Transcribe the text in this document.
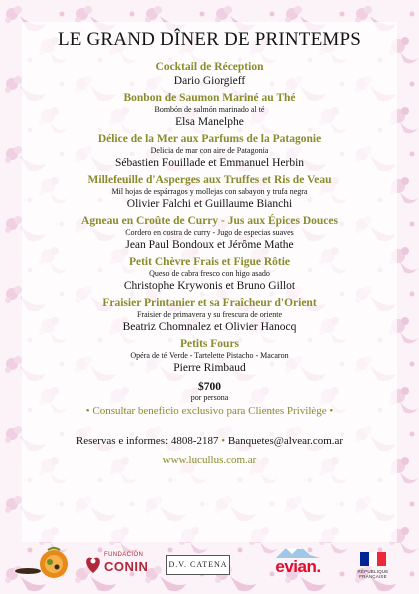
LE GRAND DÎNER DE PRINTEMPS
Cocktail de Réception
Dario Giorgieff
Bonbon de Saumon Mariné au Thé
Bombón de salmón marinado al té
Elsa Manelphe
Délice de la Mer aux Parfums de la Patagonie
Delicia de mar con aire de Patagonia
Sébastien Fouillade et Emmanuel Herbin
Millefeuille d'Asperges aux Truffes et Ris de Veau
Mil hojas de espárragos y mollejas con sabayon y trufa negra
Olivier Falchi et Guillaume Bianchi
Agneau en Croûte de Curry - Jus aux Épices Douces
Cordero en costra de curry - Jugo de especias suaves
Jean Paul Bondoux et Jérôme Mathe
Petit Chèvre Frais et Figue Rôtie
Queso de cabra fresco con higo asado
Christophe Krywonis et Bruno Gillot
Fraisier Printanier et sa Fraîcheur d'Orient
Fraisier de primavera y su frescura de oriente
Beatriz Chomnalez et Olivier Hanocq
Petits Fours
Opéra de té Verde - Tartelette Pistacho - Macaron
Pierre Rimbaud
$700
por persona
• Consultar beneficio exclusivo para Clientes Privilège •
Reservas e informes: 4808-2187 • Banquetes@alvear.com.ar
www.lucullus.com.ar
FUNDACIÓN
CONIN	D.V. CATENA	evian.	RÉPUBLIQUE FRANÇAISE
